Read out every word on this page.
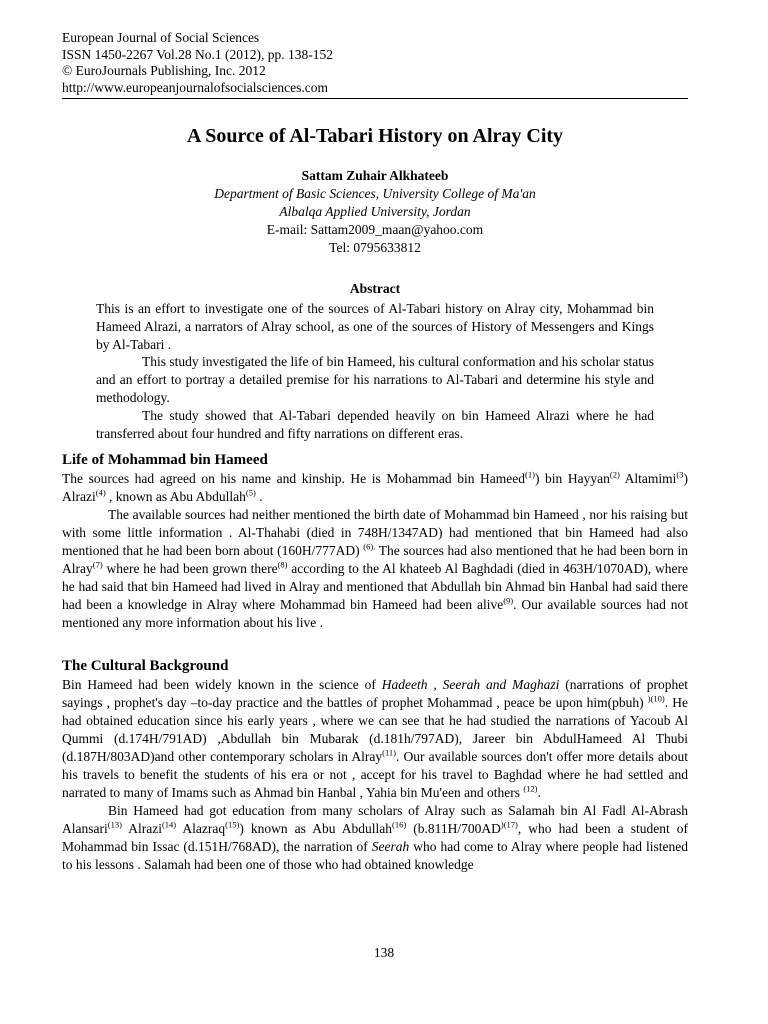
European Journal of Social Sciences
ISSN 1450-2267 Vol.28 No.1 (2012), pp. 138-152
© EuroJournals Publishing, Inc. 2012
http://www.europeanjournalofsocialsciences.com
A Source of Al-Tabari History on Alray City
Sattam Zuhair Alkhateeb
Department of Basic Sciences, University College of Ma'an
Albalqa Applied University, Jordan
E-mail: Sattam2009_maan@yahoo.com
Tel: 0795633812
Abstract

This is an effort to investigate one of the sources of Al-Tabari history on Alray city, Mohammad bin Hameed Alrazi, a narrators of Alray school, as one of the sources of History of Messengers and Kings by Al-Tabari .

This study investigated the life of bin Hameed, his cultural conformation and his scholar status and an effort to portray a detailed premise for his narrations to Al-Tabari and determine his style and methodology.

The study showed that Al-Tabari depended heavily on bin Hameed Alrazi where he had transferred about four hundred and fifty narrations on different eras.

Life of Mohammad bin Hameed

The sources had agreed on his name and kinship. He is Mohammad bin Hameed$^{(1)}$) bin Hayyan$^{(2)}$ Altamimi$^{(3}$) Alrazi$^{(4)}$ , known as Abu Abdullah$^{(5)}$ .

The available sources had neither mentioned the birth date of Mohammad bin Hameed , nor his raising but with some little information . Al-Thahabi (died in 748H/1347AD) had mentioned that bin Hameed had also mentioned that he had been born about (160H/777AD) $^{(6).}$ The sources had also mentioned that he had been born in Alray$^{(7)}$ where he had been grown there$^{(8)}$ according to the Al khateeb Al Baghdadi (died in 463H/1070AD), where he had said that bin Hameed had lived in Alray and mentioned that Abdullah bin Ahmad bin Hanbal had said there had been a knowledge in Alray where Mohammad bin Hameed had been alive$^{(9)}$. Our available sources had not mentioned any more information about his live .

The Cultural Background

Bin Hameed had been widely known in the science of Hadeeth , Seerah and Maghazi (narrations of prophet sayings , prophet's day –to-day practice and the battles of prophet Mohammad , peace be upon him(pbuh) $^{)(10)}$. He had obtained education since his early years , where we can see that he had studied the narrations of Yacoub Al Qummi (d.174H/791AD) ,Abdullah bin Mubarak (d.181h/797AD), Jareer bin AbdulHameed Al Thubi (d.187H/803AD)and other contemporary scholars in Alray$^{(11)}$. Our available sources don't offer more details about his travels to benefit the students of his era or not , accept for his travel to Baghdad where he had settled and narrated to many of Imams such as Ahmad bin Hanbal , Yahia bin Mu'een and others $^{(12)}$.

Bin Hameed had got education from many scholars of Alray such as Salamah bin Al Fadl Al-Abrash Alansari$^{(13)}$ Alrazi$^{(14)}$ Alazraq$^{(15)}$) known as Abu Abdullah$^{(16)}$ ($b.811H/700AD^{)(17)}$, who had been a student of Mohammad bin Issac (d.151H/768AD), the narration of Seerah who had come to Alray where people had listened to his lessons . Salamah had been one of those who had obtained knowledge

138
